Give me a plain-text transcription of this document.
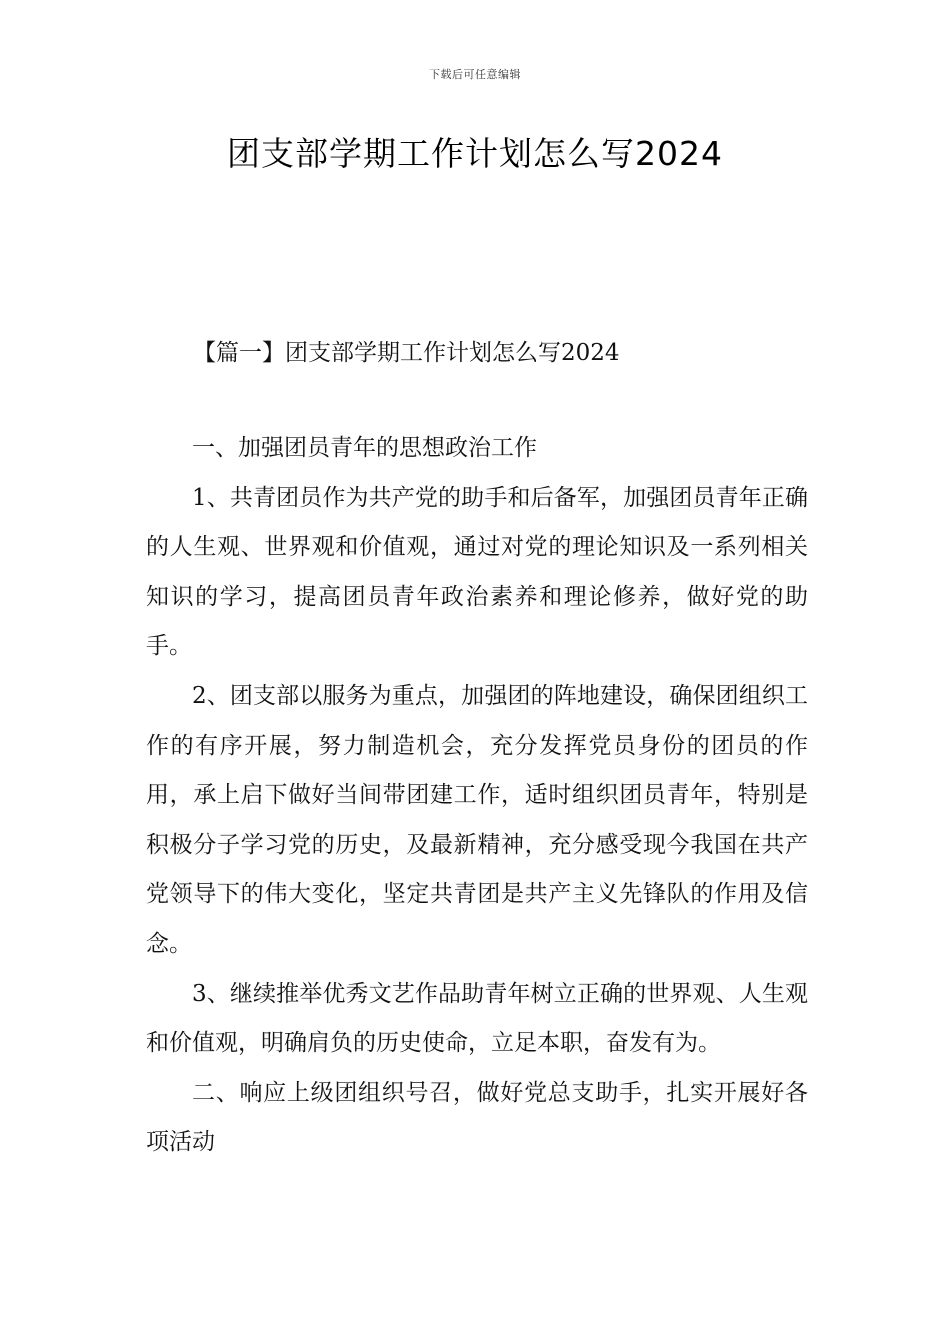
下载后可任意编辑
团支部学期工作计划怎么写2024
【篇一】团支部学期工作计划怎么写2024

一、加强团员青年的思想政治工作

1、共青团员作为共产党的助手和后备军，加强团员青年正确的人生观、世界观和价值观，通过对党的理论知识及一系列相关知识的学习，提高团员青年政治素养和理论修养，做好党的助手。

2、团支部以服务为重点，加强团的阵地建设，确保团组织工作的有序开展，努力制造机会，充分发挥党员身份的团员的作用，承上启下做好当间带团建工作，适时组织团员青年，特别是积极分子学习党的历史，及最新精神，充分感受现今我国在共产党领导下的伟大变化，坚定共青团是共产主义先锋队的作用及信念。

3、继续推举优秀文艺作品助青年树立正确的世界观、人生观和价值观，明确肩负的历史使命，立足本职，奋发有为。

二、响应上级团组织号召，做好党总支助手，扎实开展好各项活动
